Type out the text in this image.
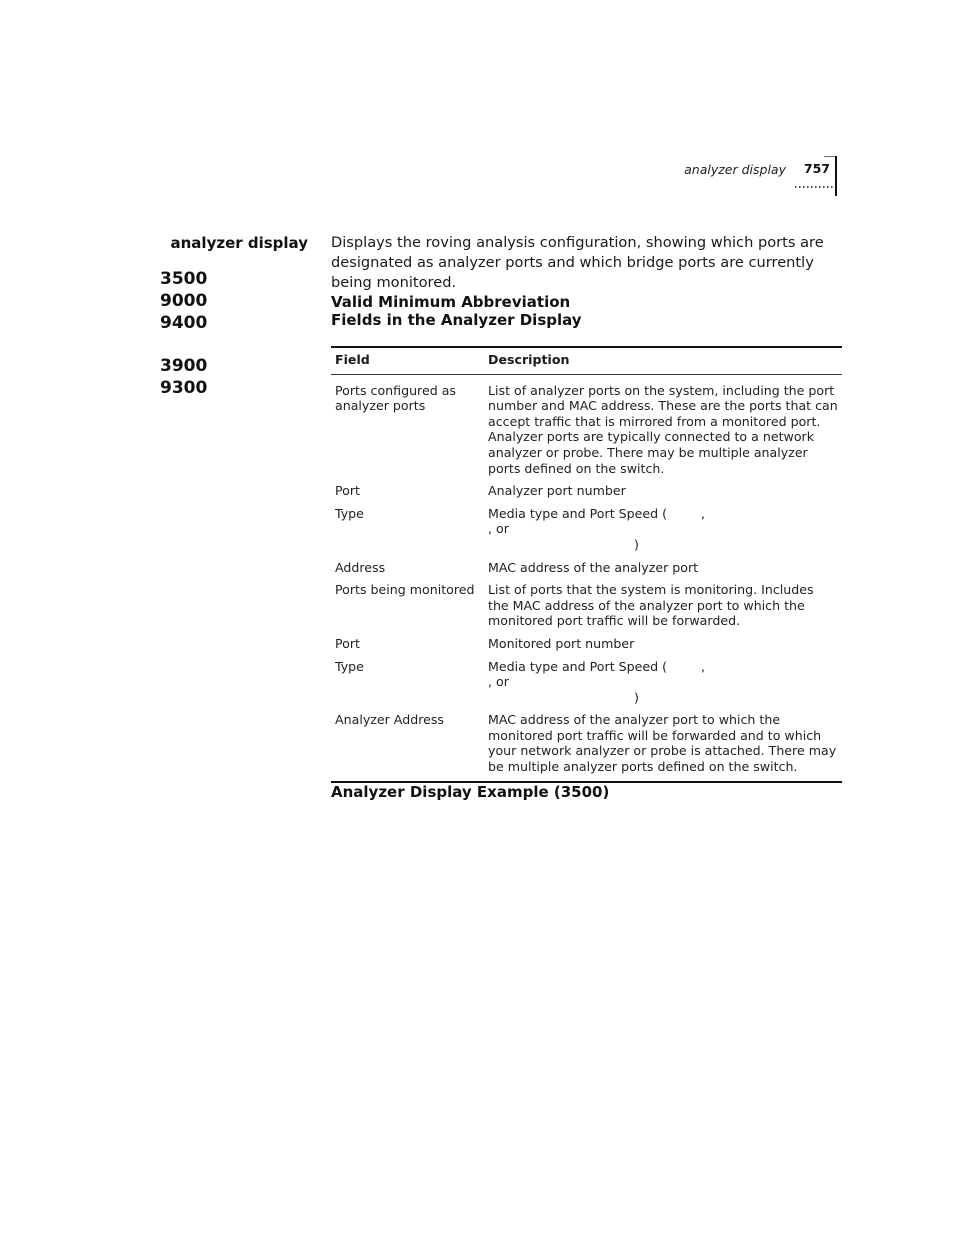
analyzer display 757

analyzer display

3500
9000
9400
3900
9300

Displays the roving analysis configuration, showing which ports are designated as analyzer ports and which bridge ports are currently being monitored.

Valid Minimum Abbreviation
Fields in the Analyzer Display
Field	Description
Ports configured as analyzer ports	List of analyzer ports on the system, including the port number and MAC address. These are the ports that can accept traffic that is mirrored from a monitored port. Analyzer ports are typically connected to a network analyzer or probe. There may be multiple analyzer ports defined on the switch.
Port	Analyzer port number
Type	Media type and Port Speed ( ,, or
)
Address	MAC address of the analyzer port
Ports being monitored	List of ports that the system is monitoring. Includes the MAC address of the analyzer port to which the monitored port traffic will be forwarded.
Port	Monitored port number
Type	Media type and Port Speed ( ,, or
)
Analyzer Address	MAC address of the analyzer port to which the monitored port traffic will be forwarded and to which your network analyzer or probe is attached. There may be multiple analyzer ports defined on the switch.
Analyzer Display Example (3500)
